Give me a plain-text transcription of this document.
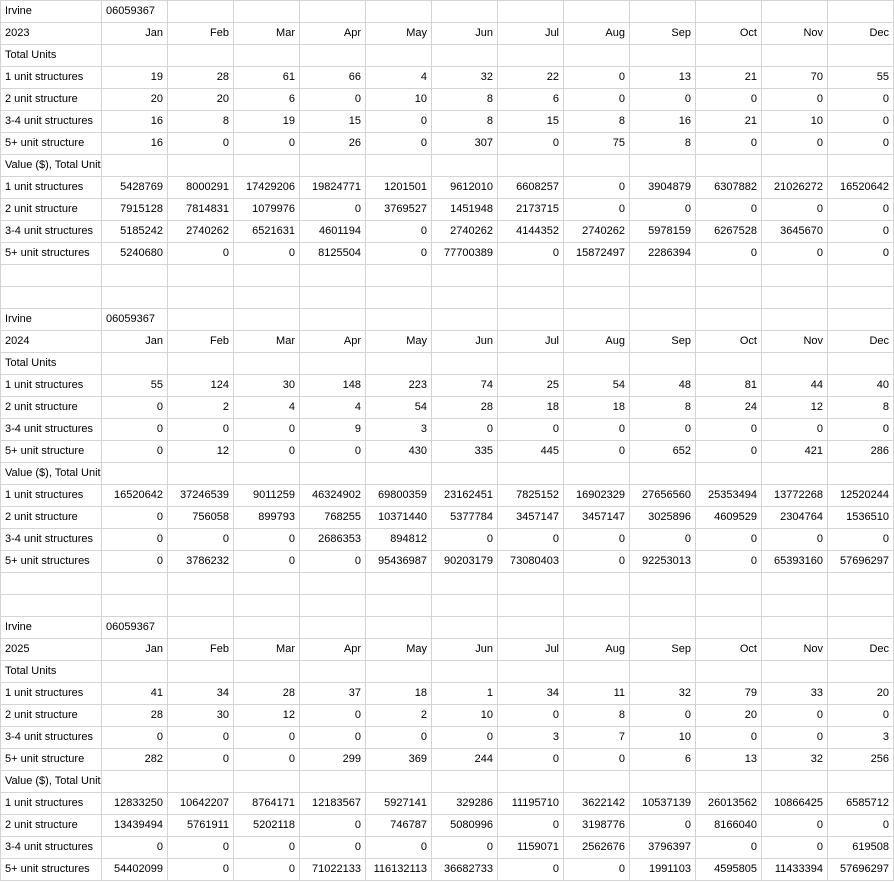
Irvine	06059367											
2023	Jan	Feb	Mar	Apr	May	Jun	Jul	Aug	Sep	Oct	Nov	Dec
Total Units												
1 unit structures	19	28	61	66	4	32	22	0	13	21	70	55
2 unit structure	20	20	6	0	10	8	6	0	0	0	0	0
3-4 unit structures	16	8	19	15	0	8	15	8	16	21	10	0
5+ unit structure	16	0	0	26	0	307	0	75	8	0	0	0
Value ($), Total Unit												
1 unit structures	5428769	8000291	17429206	19824771	1201501	9612010	6608257	0	3904879	6307882	21026272	16520642
2 unit structure	7915128	7814831	1079976	0	3769527	1451948	2173715	0	0	0	0	0
3-4 unit structures	5185242	2740262	6521631	4601194	0	2740262	4144352	2740262	5978159	6267528	3645670	0
5+ unit structures	5240680	0	0	8125504	0	77700389	0	15872497	2286394	0	0	0

Irvine	06059367											
2024	Jan	Feb	Mar	Apr	May	Jun	Jul	Aug	Sep	Oct	Nov	Dec
Total Units												
1 unit structures	55	124	30	148	223	74	25	54	48	81	44	40
2 unit structure	0	2	4	4	54	28	18	18	8	24	12	8
3-4 unit structures	0	0	0	9	3	0	0	0	0	0	0	0
5+ unit structure	0	12	0	0	430	335	445	0	652	0	421	286
Value ($), Total Unit												
1 unit structures	16520642	37246539	9011259	46324902	69800359	23162451	7825152	16902329	27656560	25353494	13772268	12520244
2 unit structure	0	756058	899793	768255	10371440	5377784	3457147	3457147	3025896	4609529	2304764	1536510
3-4 unit structures	0	0	0	2686353	894812	0	0	0	0	0	0	0
5+ unit structures	0	3786232	0	0	95436987	90203179	73080403	0	92253013	0	65393160	57696297

Irvine	06059367											
2025	Jan	Feb	Mar	Apr	May	Jun	Jul	Aug	Sep	Oct	Nov	Dec
Total Units												
1 unit structures	41	34	28	37	18	1	34	11	32	79	33	20
2 unit structure	28	30	12	0	2	10	0	8	0	20	0	0
3-4 unit structures	0	0	0	0	0	0	3	7	10	0	0	3
5+ unit structure	282	0	0	299	369	244	0	0	6	13	32	256
Value ($), Total Unit												
1 unit structures	12833250	10642207	8764171	12183567	5927141	329286	11195710	3622142	10537139	26013562	10866425	6585712
2 unit structure	13439494	5761911	5202118	0	746787	5080996	0	3198776	0	8166040	0	0
3-4 unit structures	0	0	0	0	0	0	1159071	2562676	3796397	0	0	619508
5+ unit structures	54402099	0	0	71022133	116132113	36682733	0	0	1991103	4595805	11433394	57696297
